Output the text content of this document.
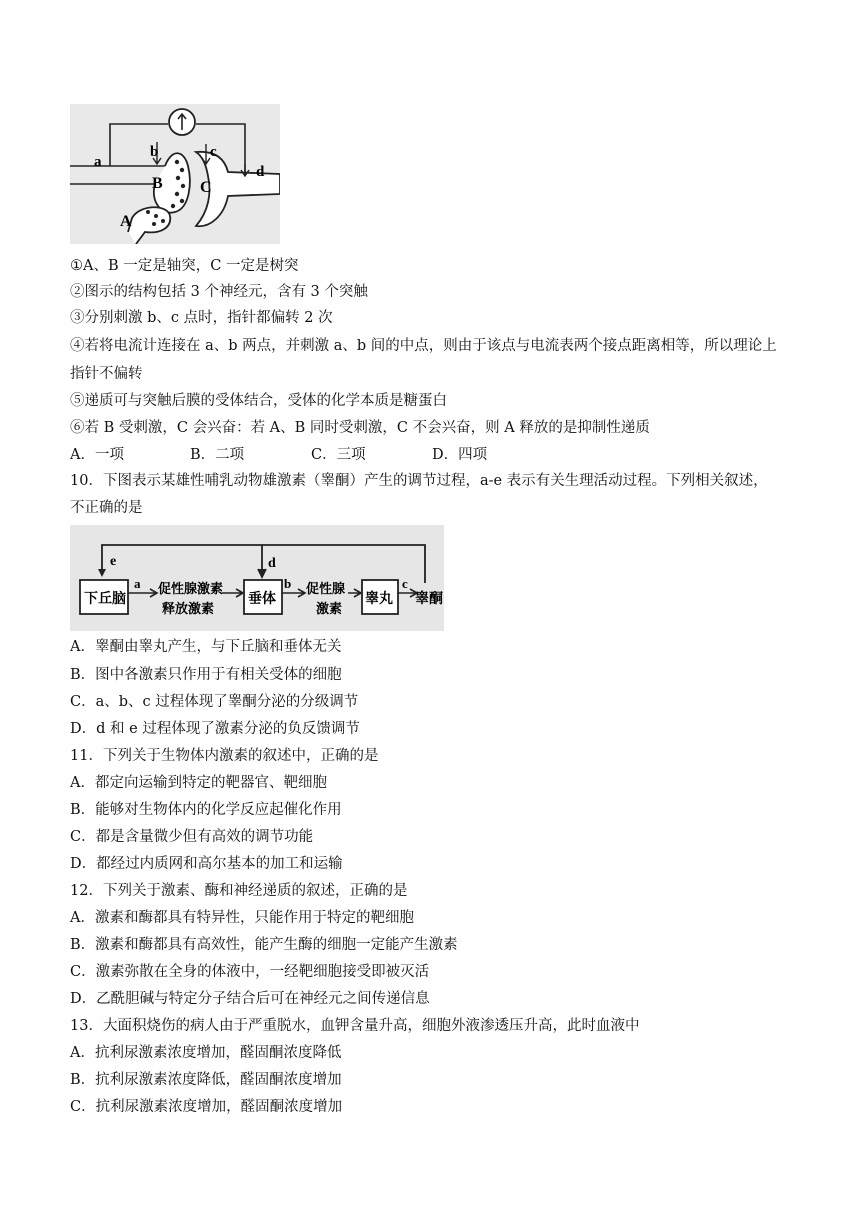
a
b	c
d
B C
A
①A、B 一定是轴突，C 一定是树突
②图示的结构包括 3 个神经元，含有 3 个突触
③分别刺激 b、c 点时，指针都偏转 2 次
④若将电流计连接在 a、b 两点，并刺激 a、b 间的中点，则由于该点与电流表两个接点距离相等，所以理论上
指针不偏转
⑤递质可与突触后膜的受体结合，受体的化学本质是糖蛋白
⑥若 B 受刺激，C 会兴奋：若 A、B 同时受刺激，C 不会兴奋，则 A 释放的是抑制性递质
A．一项	B．二项	C．三项	D．四项
10．下图表示某雄性哺乳动物雄激素（睾酮）产生的调节过程，a-e 表示有关生理活动过程。下列相关叙述，
不正确的是
e	d
下丘脑
a 促性腺激素
释放激素
垂体
b 促性腺
激素
睾丸
c
睾酮
A．睾酮由睾丸产生，与下丘脑和垂体无关
B．图中各激素只作用于有相关受体的细胞
C．a、b、c 过程体现了睾酮分泌的分级调节
D．d 和 e 过程体现了激素分泌的负反馈调节
11．下列关于生物体内激素的叙述中，正确的是
A．都定向运输到特定的靶器官、靶细胞
B．能够对生物体内的化学反应起催化作用
C．都是含量微少但有高效的调节功能
D．都经过内质网和高尔基本的加工和运输
12．下列关于激素、酶和神经递质的叙述，正确的是
A．激素和酶都具有特异性，只能作用于特定的靶细胞
B．激素和酶都具有高效性，能产生酶的细胞一定能产生激素
C．激素弥散在全身的体液中，一经靶细胞接受即被灭活
D．乙酰胆碱与特定分子结合后可在神经元之间传递信息
13．大面积烧伤的病人由于严重脱水，血钾含量升高，细胞外液渗透压升高，此时血液中
A．抗利尿激素浓度增加，醛固酮浓度降低
B．抗利尿激素浓度降低，醛固酮浓度增加
C．抗利尿激素浓度增加，醛固酮浓度增加
